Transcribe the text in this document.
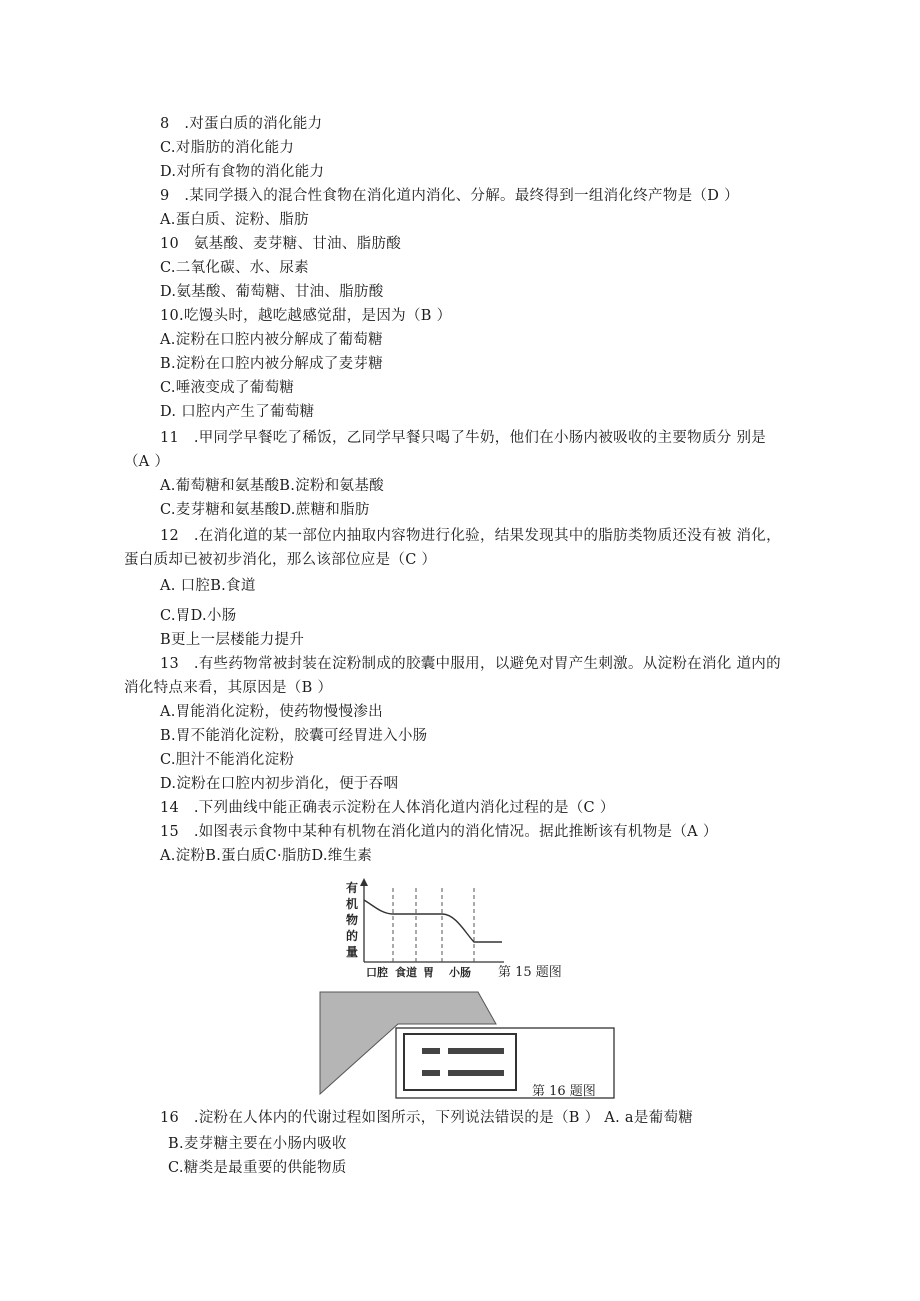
8　.对蛋白质的消化能力
C.对脂肪的消化能力
D.对所有食物的消化能力
9　.某同学摄入的混合性食物在消化道内消化、分解。最终得到一组消化终产物是（D ）
A.蛋白质、淀粉、脂肪
10　氨基酸、麦芽糖、甘油、脂肪酸
C.二氧化碳、水、尿素
D.氨基酸、葡萄糖、甘油、脂肪酸
10.吃馒头时，越吃越感觉甜，是因为（B ）
A.淀粉在口腔内被分解成了葡萄糖
B.淀粉在口腔内被分解成了麦芽糖
C.唾液变成了葡萄糖
D. 口腔内产生了葡萄糖
11　.甲同学早餐吃了稀饭，乙同学早餐只喝了牛奶，他们在小肠内被吸收的主要物质分 别是
（A ）
A.葡萄糖和氨基酸B.淀粉和氨基酸
C.麦芽糖和氨基酸D.蔗糖和脂肪
12　.在消化道的某一部位内抽取内容物进行化验，结果发现其中的脂肪类物质还没有被 消化，
蛋白质却已被初步消化，那么该部位应是（C ）
A. 口腔B.食道
C.胃D.小肠
B更上一层楼能力提升
13　.有些药物常被封装在淀粉制成的胶囊中服用，以避免对胃产生刺激。从淀粉在消化 道内的
消化特点来看，其原因是（B ）
A.胃能消化淀粉，使药物慢慢渗出
B.胃不能消化淀粉，胶囊可经胃进入小肠
C.胆汁不能消化淀粉
D.淀粉在口腔内初步消化，便于吞咽
14　.下列曲线中能正确表示淀粉在人体消化道内消化过程的是（C ）
15　.如图表示食物中某种有机物在消化道内的消化情况。据此推断该有机物是（A ）
A.淀粉B.蛋白质C·脂肪D.维生素
有
机
物
的
量
口腔 食道 胃 小肠 第 15 题图
第 16 题图
16　.淀粉在人体内的代谢过程如图所示，下列说法错误的是（B ） A. a是葡萄糖
B.麦芽糖主要在小肠内吸收
C.糖类是最重要的供能物质
